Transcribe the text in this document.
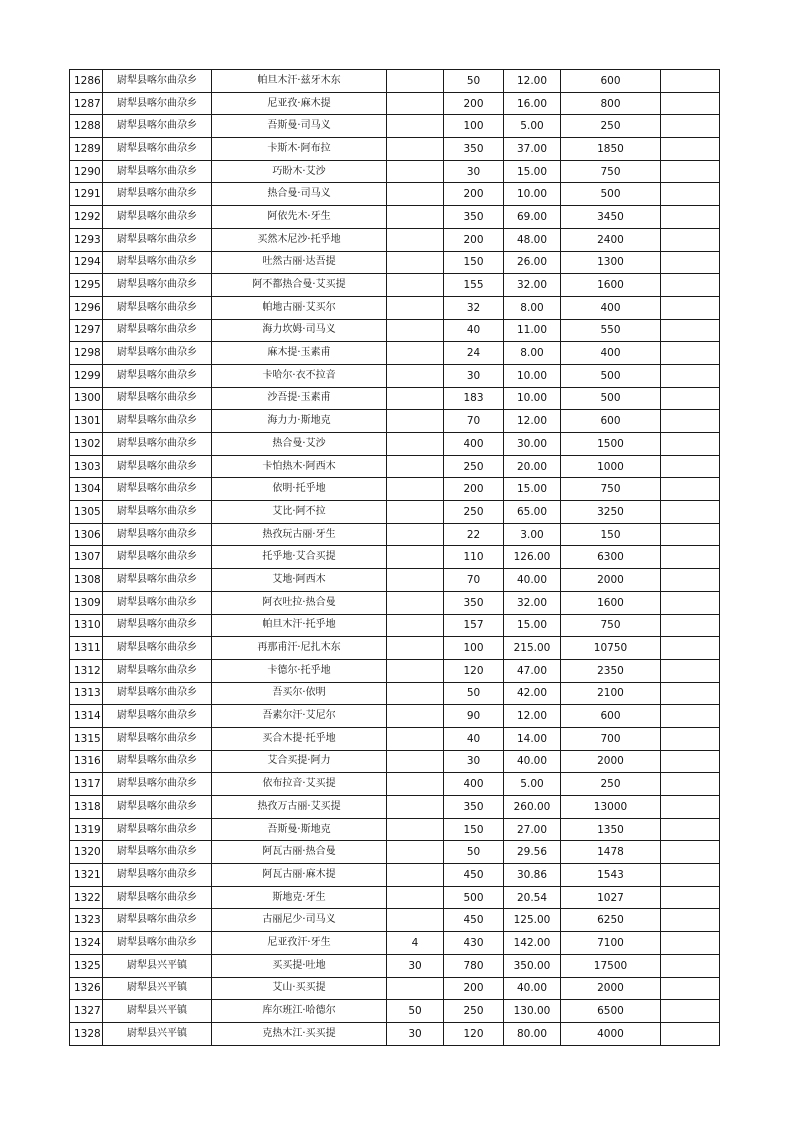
1286	尉犁县喀尔曲尕乡	帕旦木汗·兹牙木东		50	12.00	600	
1287	尉犁县喀尔曲尕乡	尼亚孜·麻木提		200	16.00	800	
1288	尉犁县喀尔曲尕乡	吾斯曼·司马义		100	5.00	250	
1289	尉犁县喀尔曲尕乡	卡斯木·阿布拉		350	37.00	1850	
1290	尉犁县喀尔曲尕乡	巧盼木·艾沙		30	15.00	750	
1291	尉犁县喀尔曲尕乡	热合曼·司马义		200	10.00	500	
1292	尉犁县喀尔曲尕乡	阿依先木·牙生		350	69.00	3450	
1293	尉犁县喀尔曲尕乡	买然木尼沙·托乎地		200	48.00	2400	
1294	尉犁县喀尔曲尕乡	吐然古丽·达吾提		150	26.00	1300	
1295	尉犁县喀尔曲尕乡	阿不都热合曼·艾买提		155	32.00	1600	
1296	尉犁县喀尔曲尕乡	帕地古丽·艾买尔		32	8.00	400	
1297	尉犁县喀尔曲尕乡	海力坎姆·司马义		40	11.00	550	
1298	尉犁县喀尔曲尕乡	麻木提·玉素甫		24	8.00	400	
1299	尉犁县喀尔曲尕乡	卡哈尔·衣不拉音		30	10.00	500	
1300	尉犁县喀尔曲尕乡	沙吾提·玉素甫		183	10.00	500	
1301	尉犁县喀尔曲尕乡	海力力·斯地克		70	12.00	600	
1302	尉犁县喀尔曲尕乡	热合曼·艾沙		400	30.00	1500	
1303	尉犁县喀尔曲尕乡	卡怕热木·阿西木		250	20.00	1000	
1304	尉犁县喀尔曲尕乡	依明·托乎地		200	15.00	750	
1305	尉犁县喀尔曲尕乡	艾比·阿不拉		250	65.00	3250	
1306	尉犁县喀尔曲尕乡	热孜玩古丽·牙生		22	3.00	150	
1307	尉犁县喀尔曲尕乡	托乎地·艾合买提		110	126.00	6300	
1308	尉犁县喀尔曲尕乡	艾地·阿西木		70	40.00	2000	
1309	尉犁县喀尔曲尕乡	阿衣吐拉·热合曼		350	32.00	1600	
1310	尉犁县喀尔曲尕乡	帕旦木汗·托乎地		157	15.00	750	
1311	尉犁县喀尔曲尕乡	再那甫汗·尼扎木东		100	215.00	10750	
1312	尉犁县喀尔曲尕乡	卡德尔·托乎地		120	47.00	2350	
1313	尉犁县喀尔曲尕乡	吾买尔·依明		50	42.00	2100	
1314	尉犁县喀尔曲尕乡	吾素尔汗·艾尼尔		90	12.00	600	
1315	尉犁县喀尔曲尕乡	买合木提·托乎地		40	14.00	700	
1316	尉犁县喀尔曲尕乡	艾合买提·阿力		30	40.00	2000	
1317	尉犁县喀尔曲尕乡	依布拉音·艾买提		400	5.00	250	
1318	尉犁县喀尔曲尕乡	热孜万古丽·艾买提		350	260.00	13000	
1319	尉犁县喀尔曲尕乡	吾斯曼·斯地克		150	27.00	1350	
1320	尉犁县喀尔曲尕乡	阿瓦古丽·热合曼		50	29.56	1478	
1321	尉犁县喀尔曲尕乡	阿瓦古丽·麻木提		450	30.86	1543	
1322	尉犁县喀尔曲尕乡	斯地克·牙生		500	20.54	1027	
1323	尉犁县喀尔曲尕乡	古丽尼少·司马义		450	125.00	6250	
1324	尉犁县喀尔曲尕乡	尼亚孜汗·牙生	4	430	142.00	7100	
1325	尉犁县兴平镇	买买提·吐地	30	780	350.00	17500	
1326	尉犁县兴平镇	艾山·买买提		200	40.00	2000	
1327	尉犁县兴平镇	库尔班江·哈德尔	50	250	130.00	6500	
1328	尉犁县兴平镇	克热木江·买买提	30	120	80.00	4000	
